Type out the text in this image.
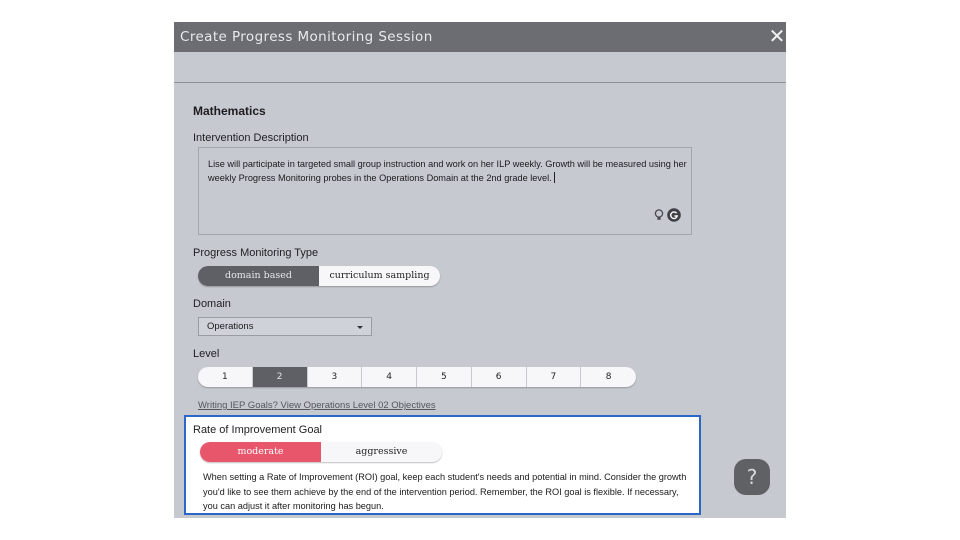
Create Progress Monitoring Session	✕
Mathematics
Intervention Description
Lise will participate in targeted small group instruction and work on her ILP weekly. Growth will be measured using her weekly Progress Monitoring probes in the Operations Domain at the 2nd grade level.
Progress Monitoring Type
domain based	curriculum sampling
Domain
Operations
Level
1	2	3	4	5	6	7	8
Writing IEP Goals? View Operations Level 02 Objectives
Rate of Improvement Goal
moderate	aggressive
When setting a Rate of Improvement (ROI) goal, keep each student's needs and potential in mind. Consider the growth you'd like to see them achieve by the end of the intervention period. Remember, the ROI goal is flexible. If necessary, you can adjust it after monitoring has begun.
?
